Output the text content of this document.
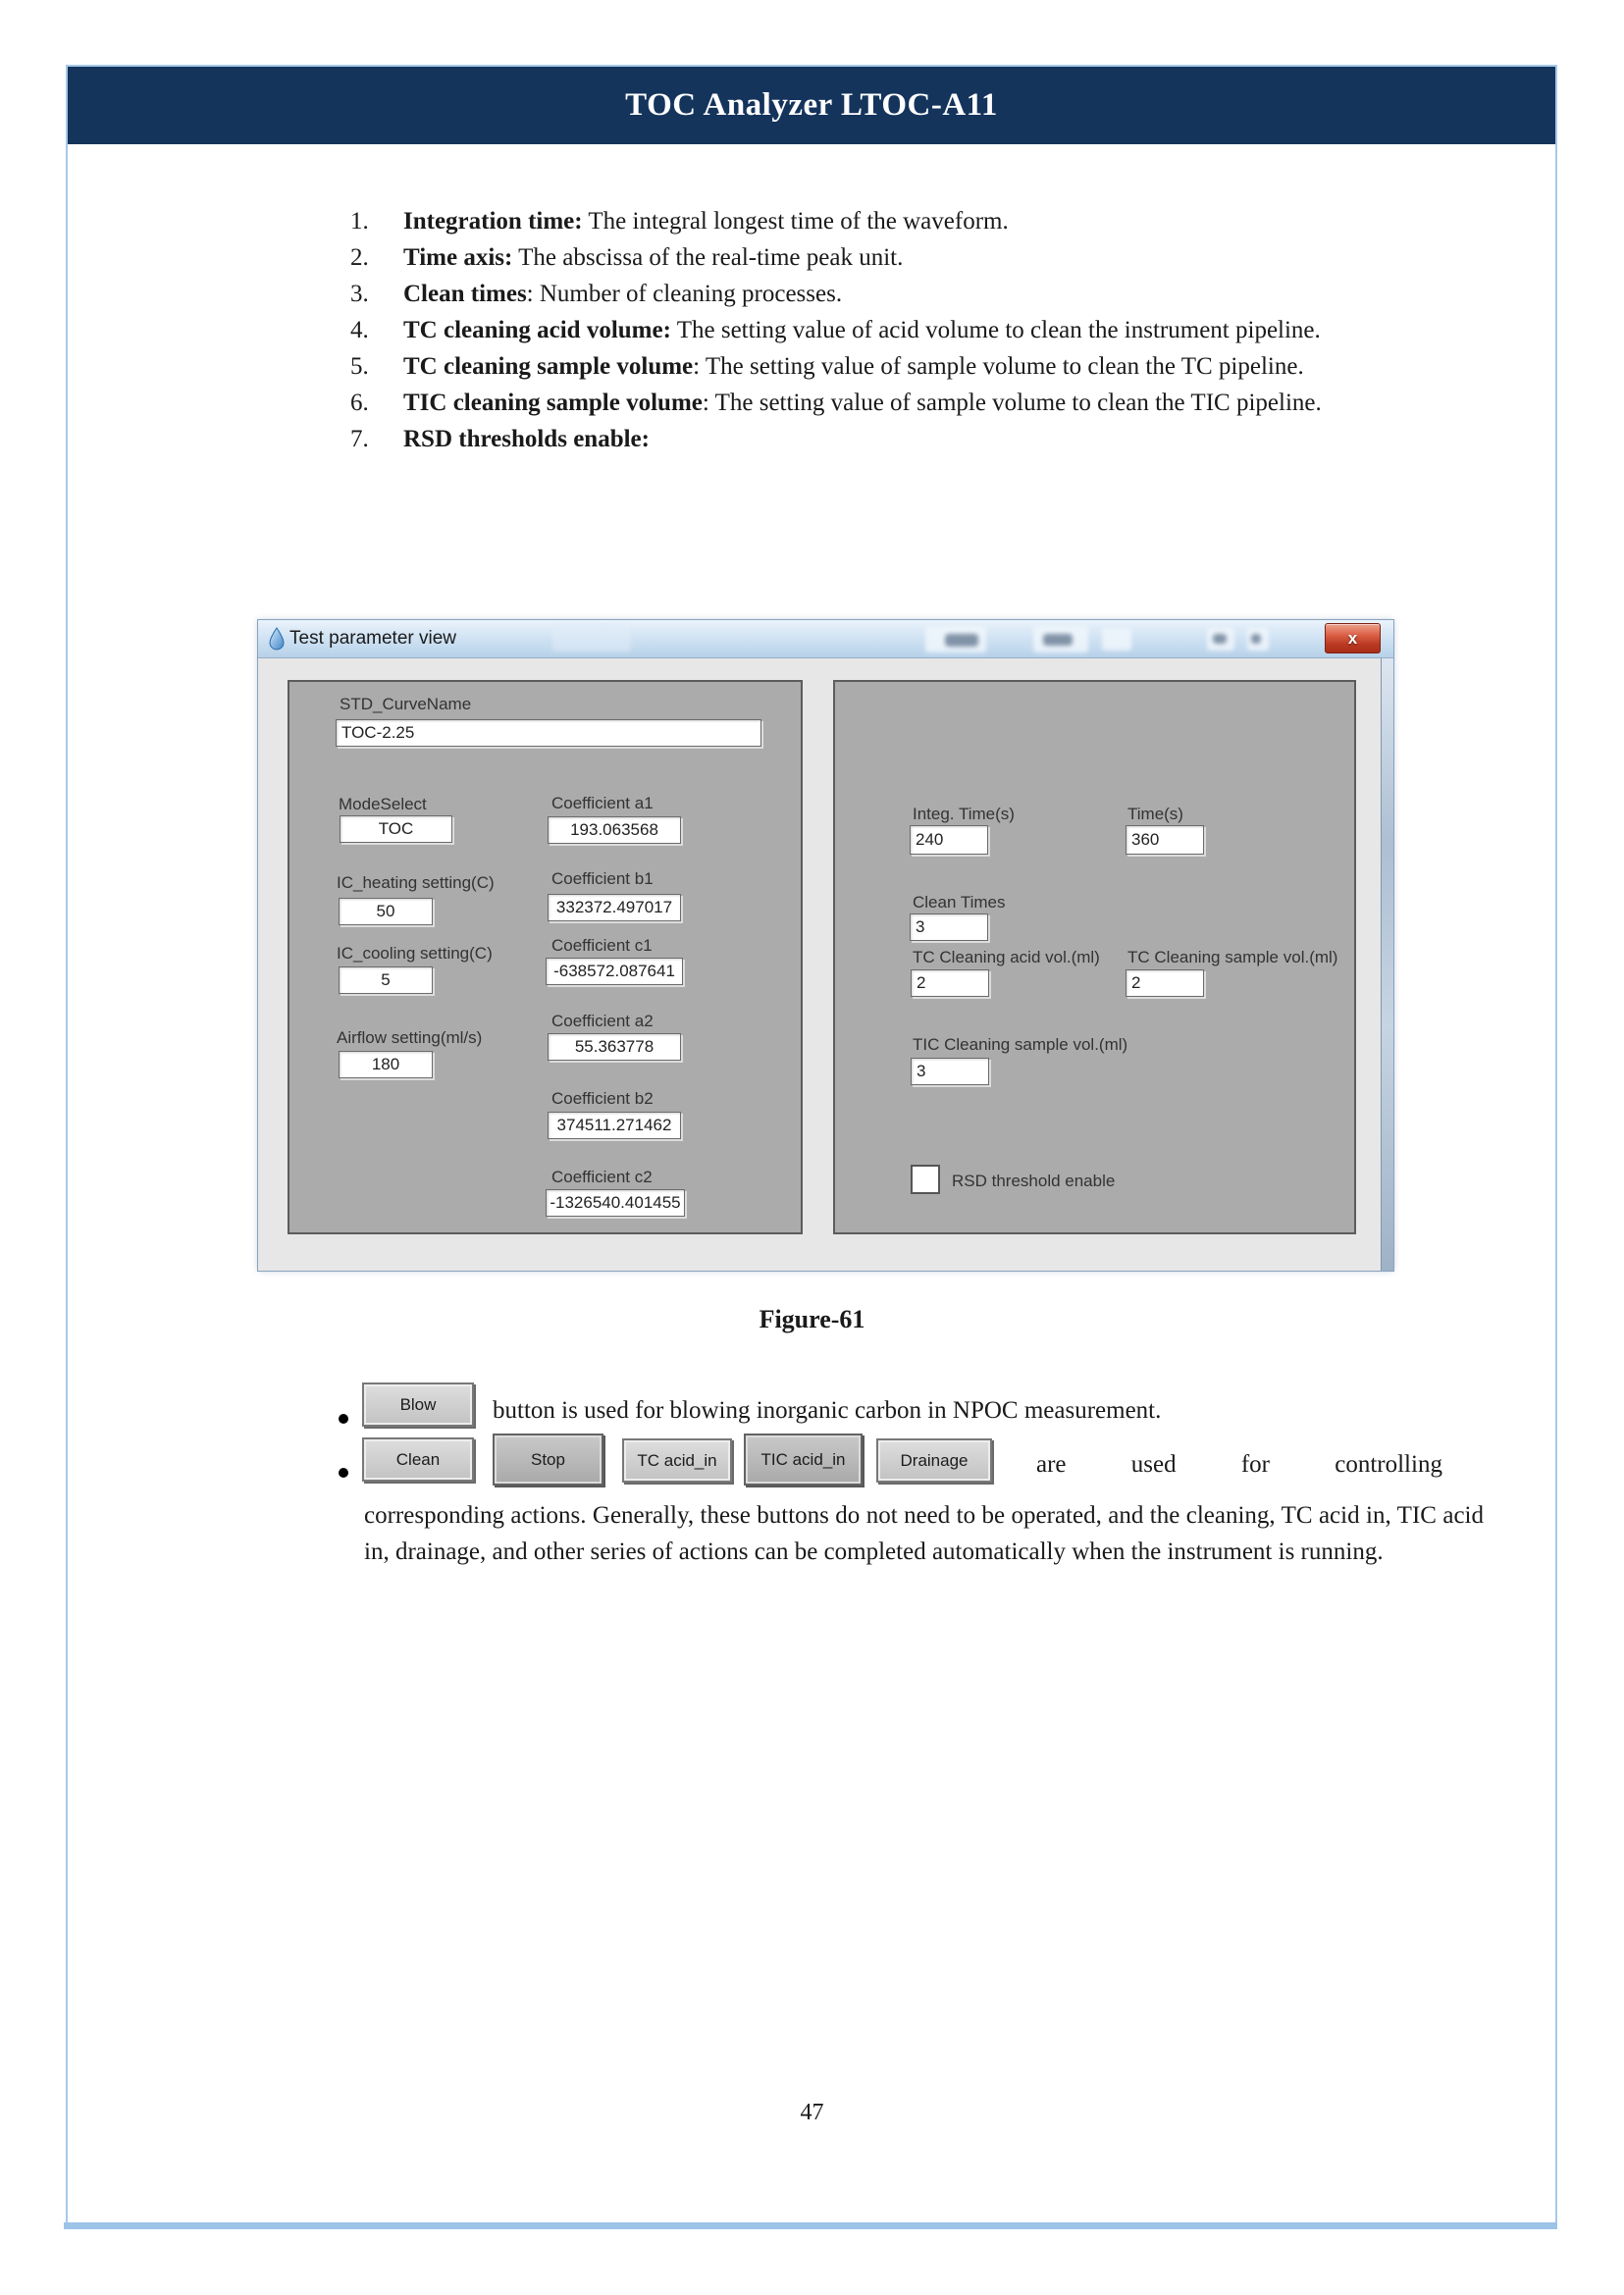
TOC Analyzer LTOC-A11
1. Integration time: The integral longest time of the waveform.
2. Time axis: The abscissa of the real-time peak unit.
3. Clean times: Number of cleaning processes.
4. TC cleaning acid volume: The setting value of acid volume to clean the instrument pipeline.
5. TC cleaning sample volume: The setting value of sample volume to clean the TC pipeline.
6. TIC cleaning sample volume: The setting value of sample volume to clean the TIC pipeline.
7. RSD thresholds enable:
Test parameter view	x
STD_CurveName
TOC-2.25
ModeSelect
TOC
IC_heating setting(C)
50
IC_cooling setting(C)
5
Airflow setting(ml/s)
180
Coefficient a1
193.063568
Coefficient b1
332372.497017
Coefficient c1
-638572.087641
Coefficient a2
55.363778
Coefficient b2
374511.271462
Coefficient c2
-1326540.401455
Integ. Time(s)
240
Time(s)
360
Clean Times
3
TC Cleaning acid vol.(ml)
2
TC Cleaning sample vol.(ml)
2
TIC Cleaning sample vol.(ml)
3
RSD threshold enable
Figure-61
Blow	button is used for blowing inorganic carbon in NPOC measurement.
Clean	Stop	TC acid_in	TIC acid_in	Drainage	are used for controlling
corresponding actions. Generally, these buttons do not need to be operated, and the cleaning, TC acid in, TIC acid in, drainage, and other series of actions can be completed automatically when the instrument is running.
47
